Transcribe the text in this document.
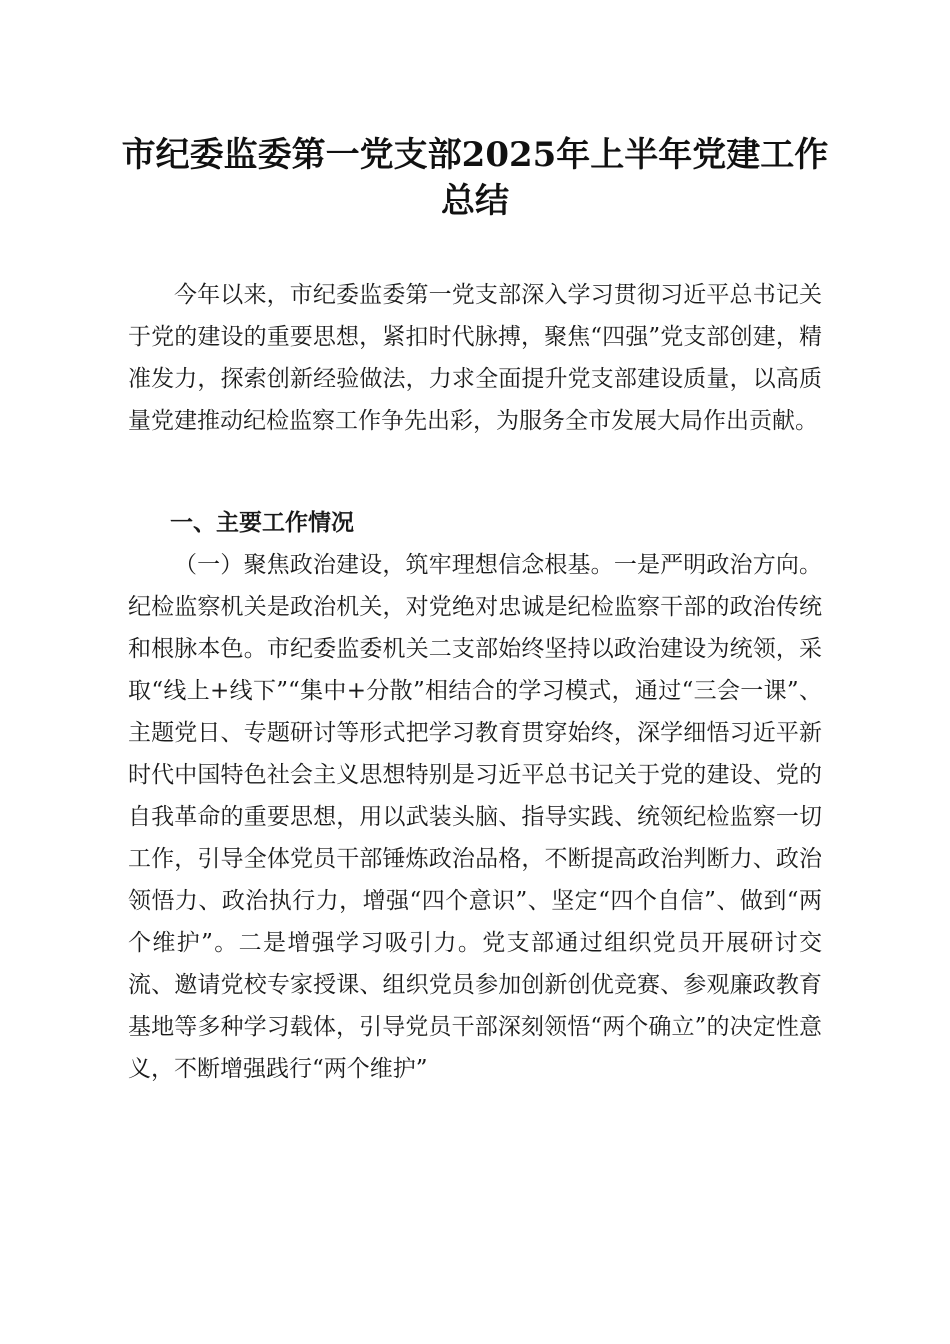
市纪委监委第一党支部2025年上半年党建工作总结

今年以来，市纪委监委第一党支部深入学习贯彻习近平总书记关于党的建设的重要思想，紧扣时代脉搏，聚焦“四强”党支部创建，精准发力，探索创新经验做法，力求全面提升党支部建设质量，以高质量党建推动纪检监察工作争先出彩，为服务全市发展大局作出贡献。

一、主要工作情况

（一）聚焦政治建设，筑牢理想信念根基。一是严明政治方向。纪检监察机关是政治机关，对党绝对忠诚是纪检监察干部的政治传统和根脉本色。市纪委监委机关二支部始终坚持以政治建设为统领，采取“线上+线下”“集中+分散”相结合的学习模式，通过“三会一课”、主题党日、专题研讨等形式把学习教育贯穿始终，深学细悟习近平新时代中国特色社会主义思想特别是习近平总书记关于党的建设、党的自我革命的重要思想，用以武装头脑、指导实践、统领纪检监察一切工作，引导全体党员干部锤炼政治品格，不断提高政治判断力、政治领悟力、政治执行力，增强“四个意识”、坚定“四个自信”、做到“两个维护”。二是增强学习吸引力。党支部通过组织党员开展研讨交流、邀请党校专家授课、组织党员参加创新创优竞赛、参观廉政教育基地等多种学习载体，引导党员干部深刻领悟“两个确立”的决定性意义，不断增强践行“两个维护”
